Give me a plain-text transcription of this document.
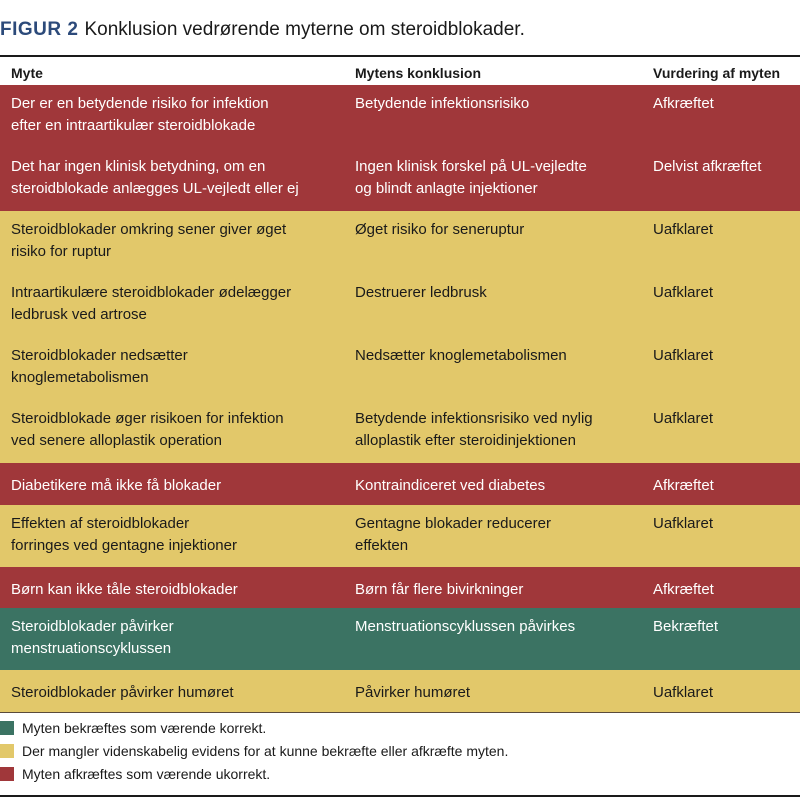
FIGUR 2 Konklusion vedrørende myterne om steroidblokader.
Myte	Mytens konklusion	Vurdering af myten
Der er en betydende risiko for infektion
efter en intraartikulær steroidblokade
Betydende infektionsrisiko	Afkræftet
Det har ingen klinisk betydning, om en
steroidblokade anlægges UL-vejledt eller ej
Ingen klinisk forskel på UL-vejledte
og blindt anlagte injektioner
Delvist afkræftet
Steroidblokader omkring sener giver øget
risiko for ruptur
Øget risiko for seneruptur	Uafklaret
Intraartikulære steroidblokader ødelægger
ledbrusk ved artrose
Destruerer ledbrusk	Uafklaret
Steroidblokader nedsætter
knoglemetabolismen
Nedsætter knoglemetabolismen	Uafklaret
Steroidblokade øger risikoen for infektion
ved senere alloplastik operation
Betydende infektionsrisiko ved nylig
alloplastik efter steroidinjektionen
Uafklaret
Diabetikere må ikke få blokader	Kontraindiceret ved diabetes	Afkræftet
Effekten af steroidblokader
forringes ved gentagne injektioner
Gentagne blokader reducerer
effekten
Uafklaret
Børn kan ikke tåle steroidblokader	Børn får flere bivirkninger	Afkræftet
Steroidblokader påvirker
menstruationscyklussen
Menstruationscyklussen påvirkes	Bekræftet
Steroidblokader påvirker humøret	Påvirker humøret	Uafklaret
Myten bekræftes som værende korrekt.
Der mangler videnskabelig evidens for at kunne bekræfte eller afkræfte myten.
Myten afkræftes som værende ukorrekt.
